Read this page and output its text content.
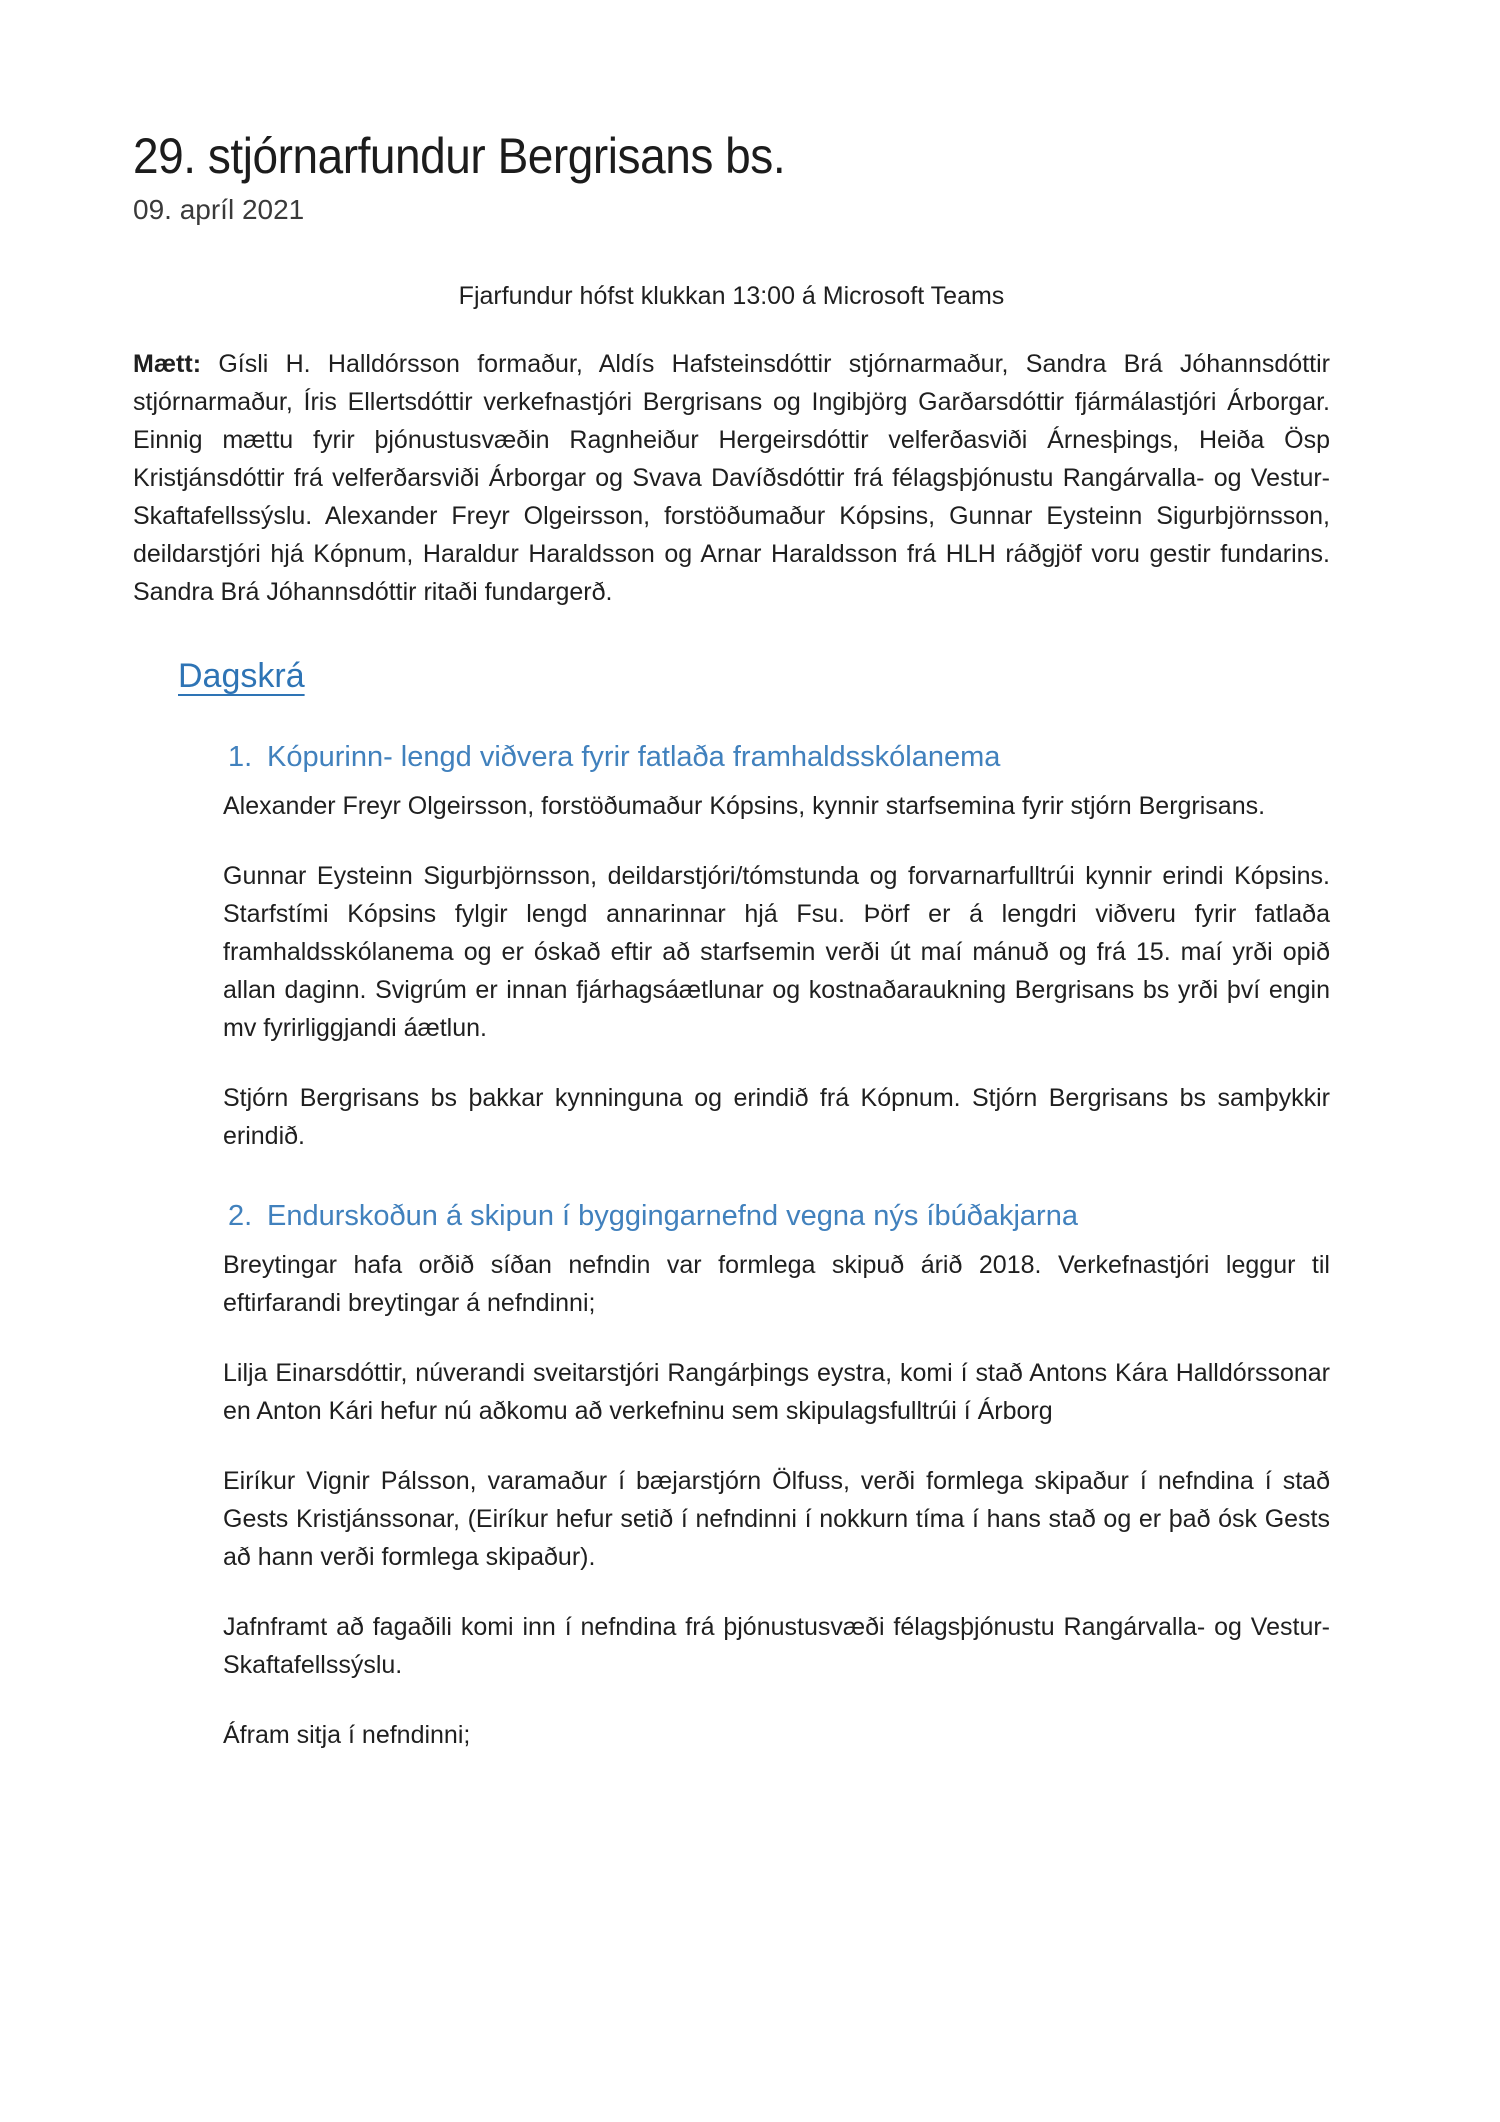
29. stjórnarfundur Bergrisans bs.
09. apríl 2021

Fjarfundur hófst klukkan 13:00 á Microsoft Teams

Mætt: Gísli H. Halldórsson formaður, Aldís Hafsteinsdóttir stjórnarmaður, Sandra Brá Jóhannsdóttir stjórnarmaður, Íris Ellertsdóttir verkefnastjóri Bergrisans og Ingibjörg Garðarsdóttir fjármálastjóri Árborgar. Einnig mættu fyrir þjónustusvæðin Ragnheiður Hergeirsdóttir velferðasviði Árnesþings, Heiða Ösp Kristjánsdóttir frá velferðarsviði Árborgar og Svava Davíðsdóttir frá félagsþjónustu Rangárvalla- og Vestur-Skaftafellssýslu. Alexander Freyr Olgeirsson, forstöðumaður Kópsins, Gunnar Eysteinn Sigurbjörnsson, deildarstjóri hjá Kópnum, Haraldur Haraldsson og Arnar Haraldsson frá HLH ráðgjöf voru gestir fundarins. Sandra Brá Jóhannsdóttir ritaði fundargerð.

Dagskrá
1. Kópurinn- lengd viðvera fyrir fatlaða framhaldsskólanema

Alexander Freyr Olgeirsson, forstöðumaður Kópsins, kynnir starfsemina fyrir stjórn Bergrisans.

Gunnar Eysteinn Sigurbjörnsson, deildarstjóri/tómstunda og forvarnarfulltrúi kynnir erindi Kópsins. Starfstími Kópsins fylgir lengd annarinnar hjá Fsu. Þörf er á lengdri viðveru fyrir fatlaða framhaldsskólanema og er óskað eftir að starfsemin verði út maí mánuð og frá 15. maí yrði opið allan daginn. Svigrúm er innan fjárhagsáætlunar og kostnaðaraukning Bergrisans bs yrði því engin mv fyrirliggjandi áætlun.

Stjórn Bergrisans bs þakkar kynninguna og erindið frá Kópnum. Stjórn Bergrisans bs samþykkir erindið.

2. Endurskoðun á skipun í byggingarnefnd vegna nýs íbúðakjarna

Breytingar hafa orðið síðan nefndin var formlega skipuð árið 2018. Verkefnastjóri leggur til eftirfarandi breytingar á nefndinni;

Lilja Einarsdóttir, núverandi sveitarstjóri Rangárþings eystra, komi í stað Antons Kára Halldórssonar en Anton Kári hefur nú aðkomu að verkefninu sem skipulagsfulltrúi í Árborg

Eiríkur Vignir Pálsson, varamaður í bæjarstjórn Ölfuss, verði formlega skipaður í nefndina í stað Gests Kristjánssonar, (Eiríkur hefur setið í nefndinni í nokkurn tíma í hans stað og er það ósk Gests að hann verði formlega skipaður).

Jafnframt að fagaðili komi inn í nefndina frá þjónustusvæði félagsþjónustu Rangárvalla- og Vestur-Skaftafellssýslu.

Áfram sitja í nefndinni;
